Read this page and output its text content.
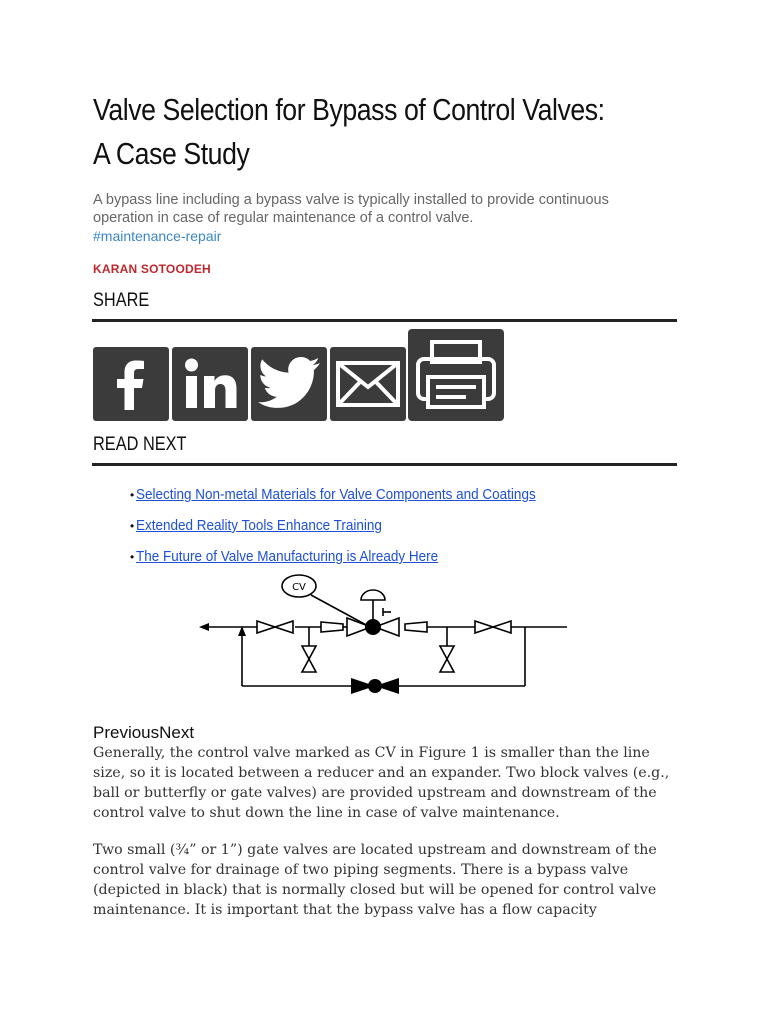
Valve Selection for Bypass of Control Valves: A Case Study
A bypass line including a bypass valve is typically installed to provide continuous operation in case of regular maintenance of a control valve.
#maintenance-repair
KARAN SOTOODEH
SHARE
READ NEXT
• Selecting Non-metal Materials for Valve Components and Coatings
• Extended Reality Tools Enhance Training
• The Future of Valve Manufacturing is Already Here
CV
PreviousNext

Generally, the control valve marked as CV in Figure 1 is smaller than the line size, so it is located between a reducer and an expander. Two block valves (e.g., ball or butterfly or gate valves) are provided upstream and downstream of the control valve to shut down the line in case of valve maintenance.

Two small (¾” or 1”) gate valves are located upstream and downstream of the control valve for drainage of two piping segments. There is a bypass valve (depicted in black) that is normally closed but will be opened for control valve maintenance. It is important that the bypass valve has a flow capacity
